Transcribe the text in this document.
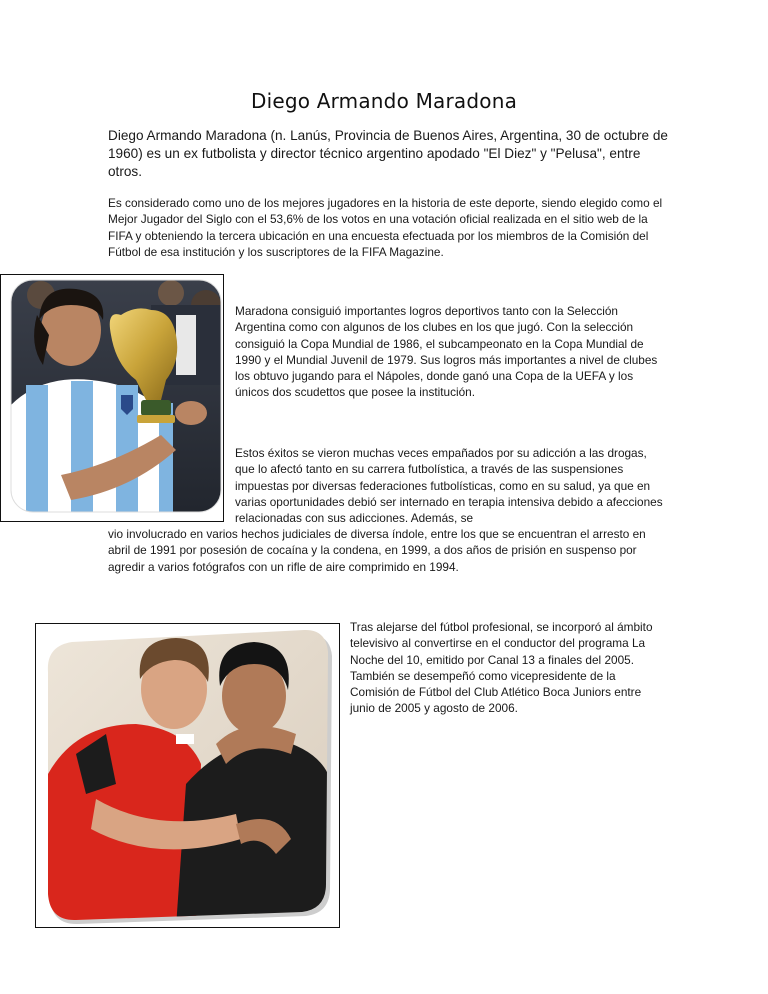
Diego Armando Maradona
Diego Armando Maradona (n. Lanús, Provincia de Buenos Aires, Argentina, 30 de octubre de 1960) es un ex futbolista y director técnico argentino apodado "El Diez" y "Pelusa", entre otros.
Es considerado como uno de los mejores jugadores en la historia de este deporte, siendo elegido como el Mejor Jugador del Siglo con el 53,6% de los votos en una votación oficial realizada en el sitio web de la FIFA y obteniendo la tercera ubicación en una encuesta efectuada por los miembros de la Comisión del Fútbol de esa institución y los suscriptores de la FIFA Magazine.
Maradona consiguió importantes logros deportivos tanto con la Selección Argentina como con algunos de los clubes en los que jugó. Con la selección consiguió la Copa Mundial de 1986, el subcampeonato en la Copa Mundial de 1990 y el Mundial Juvenil de 1979. Sus logros más importantes a nivel de clubes los obtuvo jugando para el Nápoles, donde ganó una Copa de la UEFA y los únicos dos scudettos que posee la institución.
Estos éxitos se vieron muchas veces empañados por su adicción a las drogas, que lo afectó tanto en su carrera futbolística, a través de las suspensiones impuestas por diversas federaciones futbolísticas, como en su salud, ya que en varias oportunidades debió ser internado en terapia intensiva debido a afecciones relacionadas con sus adicciones. Además, se
vio involucrado en varios hechos judiciales de diversa índole, entre los que se encuentran el arresto en abril de 1991 por posesión de cocaína y la condena, en 1999, a dos años de prisión en suspenso por agredir a varios fotógrafos con un rifle de aire comprimido en 1994.
Tras alejarse del fútbol profesional, se incorporó al ámbito televisivo al convertirse en el conductor del programa La Noche del 10, emitido por Canal 13 a finales del 2005. También se desempeñó como vicepresidente de la Comisión de Fútbol del Club Atlético Boca Juniors entre junio de 2005 y agosto de 2006.
